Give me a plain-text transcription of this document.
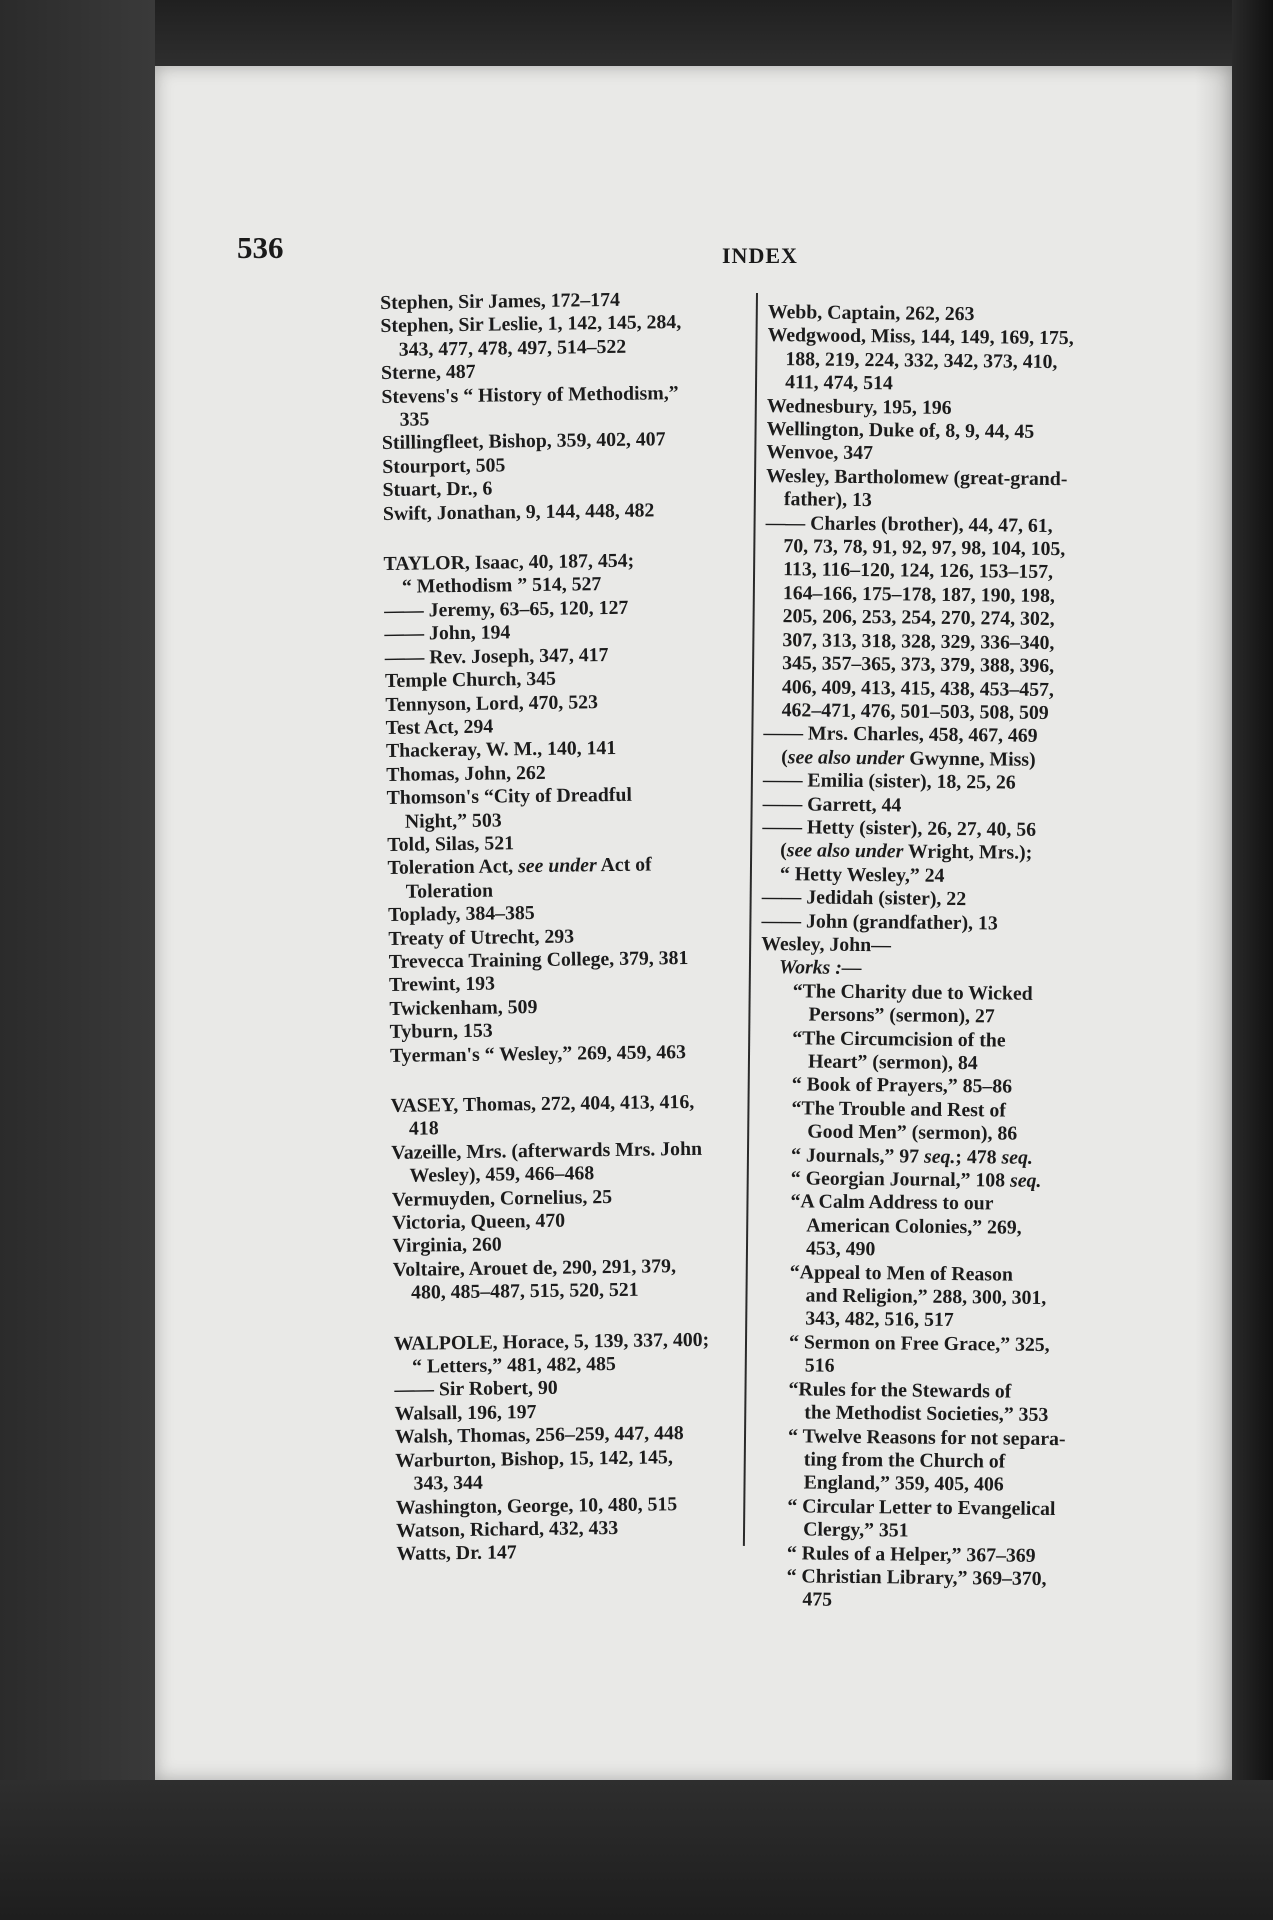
536	INDEX
Stephen, Sir James, 172–174
Stephen, Sir Leslie, 1, 142, 145, 284,
343, 477, 478, 497, 514–522
Sterne, 487
Stevens's “ History of Methodism,”
335
Stillingfleet, Bishop, 359, 402, 407
Stourport, 505
Stuart, Dr., 6
Swift, Jonathan, 9, 144, 448, 482
TAYLOR, Isaac, 40, 187, 454;
“ Methodism ” 514, 527
—— Jeremy, 63–65, 120, 127
—— John, 194
—— Rev. Joseph, 347, 417
Temple Church, 345
Tennyson, Lord, 470, 523
Test Act, 294
Thackeray, W. M., 140, 141
Thomas, John, 262
Thomson's “City of Dreadful
Night,” 503
Told, Silas, 521
Toleration Act, see under Act of
Toleration
Toplady, 384–385
Treaty of Utrecht, 293
Trevecca Training College, 379, 381
Trewint, 193
Twickenham, 509
Tyburn, 153
Tyerman's “ Wesley,” 269, 459, 463
VASEY, Thomas, 272, 404, 413, 416,
418
Vazeille, Mrs. (afterwards Mrs. John
Wesley), 459, 466–468
Vermuyden, Cornelius, 25
Victoria, Queen, 470
Virginia, 260
Voltaire, Arouet de, 290, 291, 379,
480, 485–487, 515, 520, 521
WALPOLE, Horace, 5, 139, 337, 400;
“ Letters,” 481, 482, 485
—— Sir Robert, 90
Walsall, 196, 197
Walsh, Thomas, 256–259, 447, 448
Warburton, Bishop, 15, 142, 145,
343, 344
Washington, George, 10, 480, 515
Watson, Richard, 432, 433
Watts, Dr. 147
Webb, Captain, 262, 263
Wedgwood, Miss, 144, 149, 169, 175,
188, 219, 224, 332, 342, 373, 410,
411, 474, 514
Wednesbury, 195, 196
Wellington, Duke of, 8, 9, 44, 45
Wenvoe, 347
Wesley, Bartholomew (great-grand-
father), 13
—— Charles (brother), 44, 47, 61,
70, 73, 78, 91, 92, 97, 98, 104, 105,
113, 116–120, 124, 126, 153–157,
164–166, 175–178, 187, 190, 198,
205, 206, 253, 254, 270, 274, 302,
307, 313, 318, 328, 329, 336–340,
345, 357–365, 373, 379, 388, 396,
406, 409, 413, 415, 438, 453–457,
462–471, 476, 501–503, 508, 509
—— Mrs. Charles, 458, 467, 469
(see also under Gwynne, Miss)
—— Emilia (sister), 18, 25, 26
—— Garrett, 44
—— Hetty (sister), 26, 27, 40, 56
(see also under Wright, Mrs.);
“ Hetty Wesley,” 24
—— Jedidah (sister), 22
—— John (grandfather), 13
Wesley, John—
Works :—
“The Charity due to Wicked
Persons” (sermon), 27
“The Circumcision of the
Heart” (sermon), 84
“ Book of Prayers,” 85–86
“The Trouble and Rest of
Good Men” (sermon), 86
“ Journals,” 97 seq.; 478 seq.
“ Georgian Journal,” 108 seq.
“A Calm Address to our
American Colonies,” 269,
453, 490
“Appeal to Men of Reason
and Religion,” 288, 300, 301,
343, 482, 516, 517
“ Sermon on Free Grace,” 325,
516
“Rules for the Stewards of
the Methodist Societies,” 353
“ Twelve Reasons for not separa-
ting from the Church of
England,” 359, 405, 406
“ Circular Letter to Evangelical
Clergy,” 351
“ Rules of a Helper,” 367–369
“ Christian Library,” 369–370,
475
